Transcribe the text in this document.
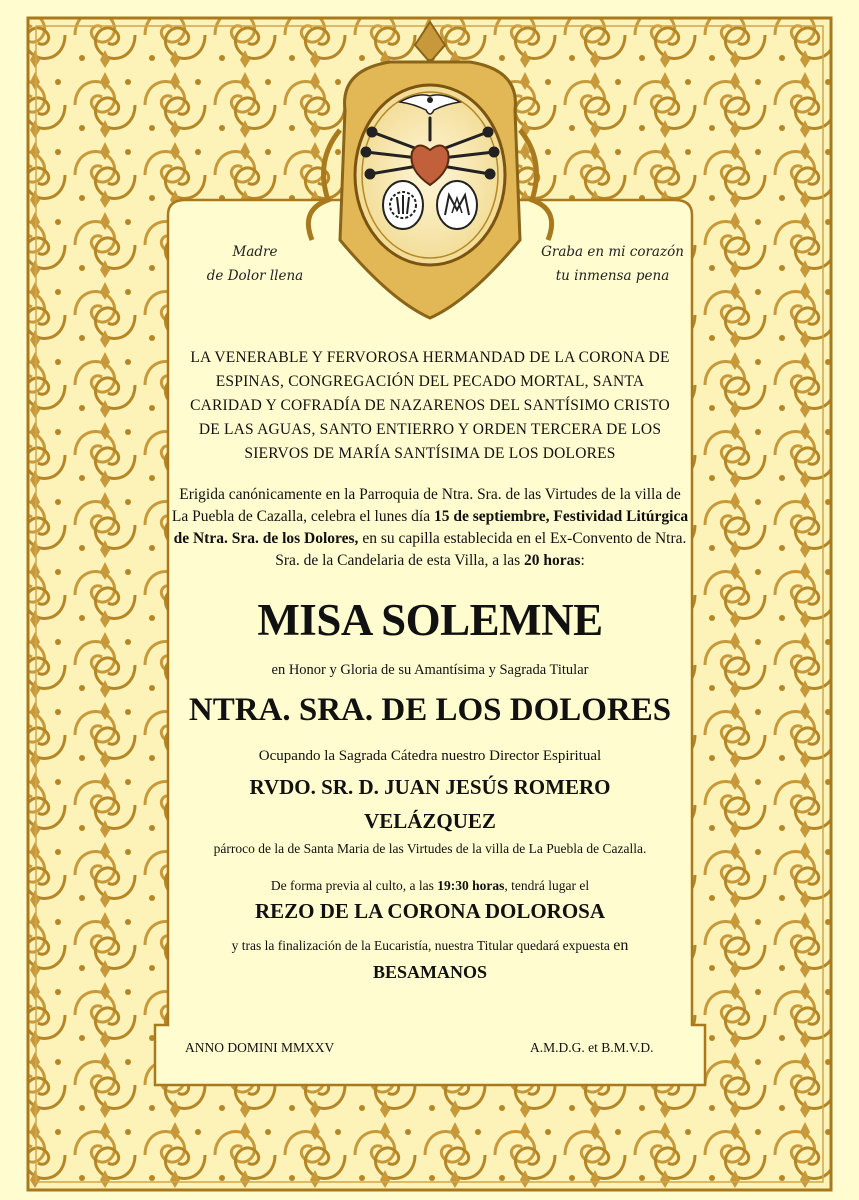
Madre
de Dolor llena
Graba en mi corazón
tu inmensa pena
LA VENERABLE Y FERVOROSA HERMANDAD DE LA CORONA DE
ESPINAS, CONGREGACIÓN DEL PECADO MORTAL, SANTA
CARIDAD Y COFRADÍA DE NAZARENOS DEL SANTÍSIMO CRISTO
DE LAS AGUAS, SANTO ENTIERRO Y ORDEN TERCERA DE LOS
SIERVOS DE MARÍA SANTÍSIMA DE LOS DOLORES
Erigida canónicamente en la Parroquia de Ntra. Sra. de las Virtudes de la villa de La Puebla de Cazalla, celebra el lunes día 15 de septiembre, Festividad Litúrgica de Ntra. Sra. de los Dolores, en su capilla establecida en el Ex-Convento de Ntra. Sra. de la Candelaria de esta Villa, a las 20 horas:
MISA SOLEMNE
en Honor y Gloria de su Amantísima y Sagrada Titular
NTRA. SRA. DE LOS DOLORES
Ocupando la Sagrada Cátedra nuestro Director Espiritual
RVDO. SR. D. JUAN JESÚS ROMERO
VELÁZQUEZ
párroco de la de Santa Maria de las Virtudes de la villa de La Puebla de Cazalla.
De forma previa al culto, a las 19:30 horas, tendrá lugar el
REZO DE LA CORONA DOLOROSA
y tras la finalización de la Eucaristía, nuestra Titular quedará expuesta en
BESAMANOS
ANNO DOMINI MMXXV	A.M.D.G. et B.M.V.D.
